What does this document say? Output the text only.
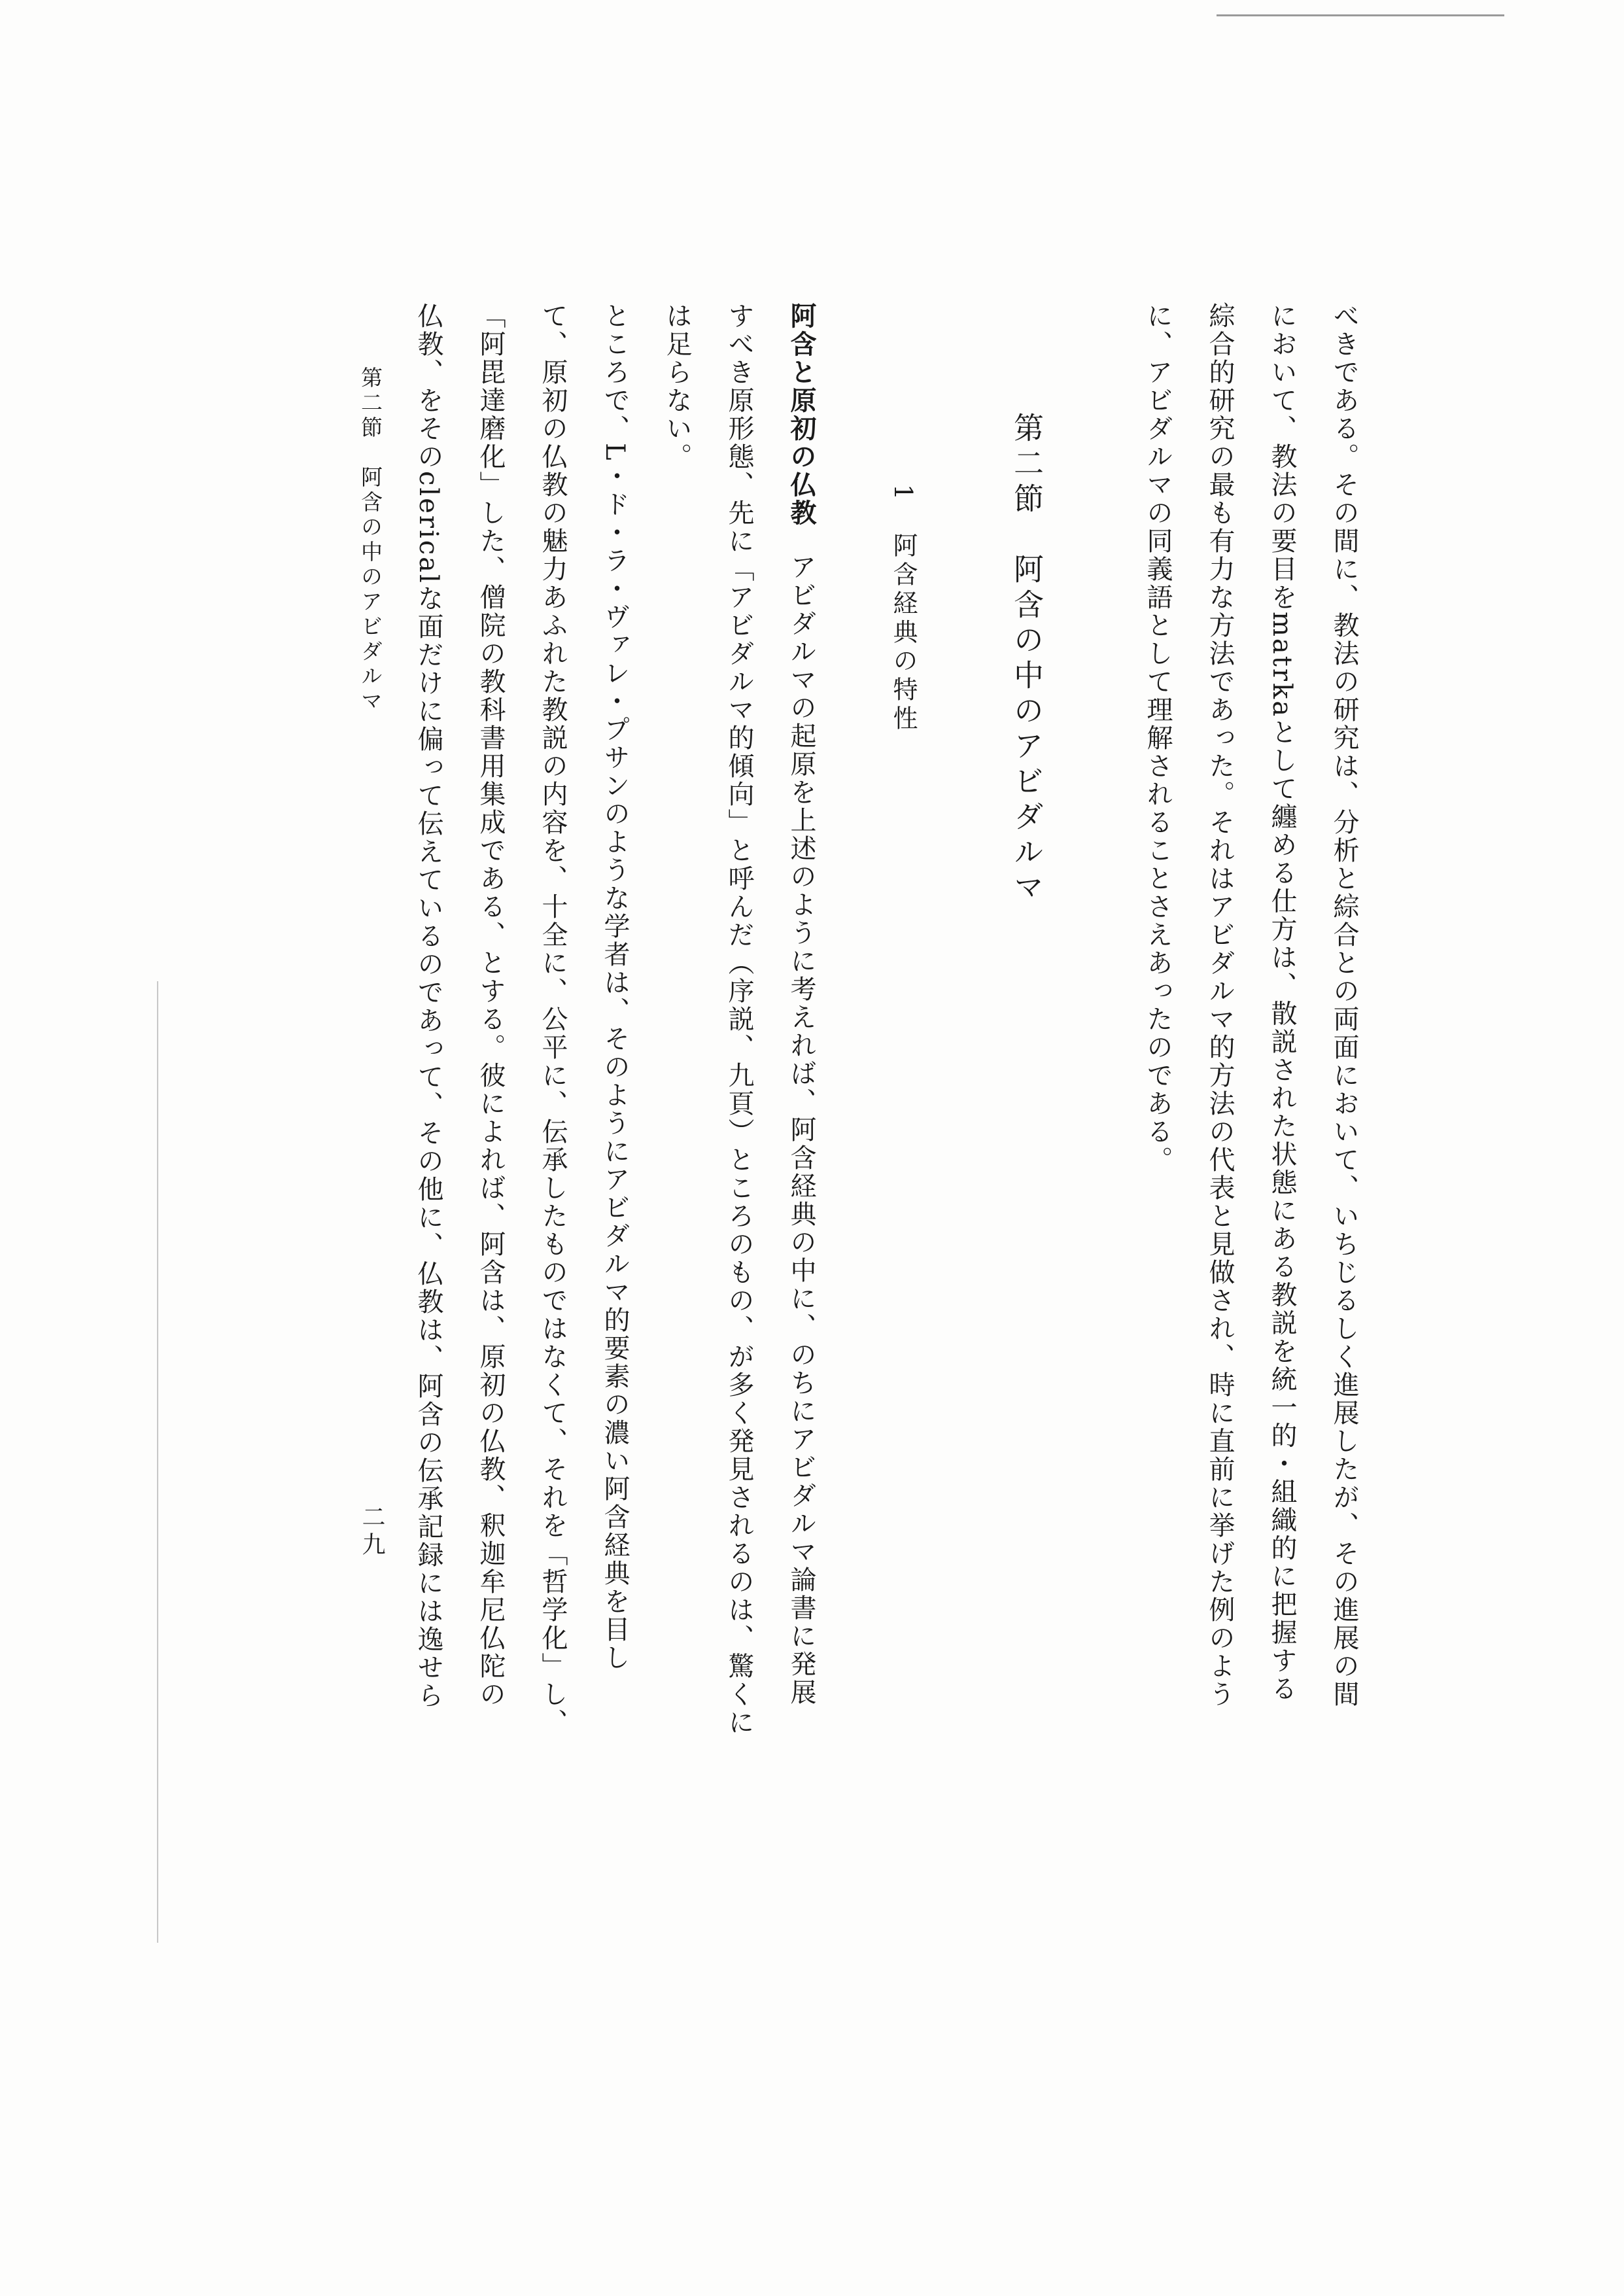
べきである。その間に、教法の研究は、分析と綜合との両面において、いちじるしく進展したが、その進展の間
において、教法の要目をmatrkaとして纏める仕方は、散説された状態にある教説を統一的・組織的に把握する
綜合的研究の最も有力な方法であった。それはアビダルマ的方法の代表と見做され、時に直前に挙げた例のよう
に、アビダルマの同義語として理解されることさえあったのである。
第二節　阿含の中のアビダルマ
1　阿含経典の特性
阿含と原初の仏教アビダルマの起原を上述のように考えれば、阿含経典の中に、のちにアビダルマ論書に発展
すべき原形態、先に「アビダルマ的傾向」と呼んだ（序説、九頁）ところのもの、が多く発見されるのは、驚くに
は足らない。
ところで、L・ド・ラ・ヴァレ・プサンのような学者は、そのようにアビダルマ的要素の濃い阿含経典を目し
て、原初の仏教の魅力あふれた教説の内容を、十全に、公平に、伝承したものではなくて、それを「哲学化」し、
「阿毘達磨化」した、僧院の教科書用集成である、とする。彼によれば、阿含は、原初の仏教、釈迦牟尼仏陀の
仏教、をそのclericalな面だけに偏って伝えているのであって、その他に、仏教は、阿含の伝承記録には逸せら
第二節　阿含の中のアビダルマ
二九
